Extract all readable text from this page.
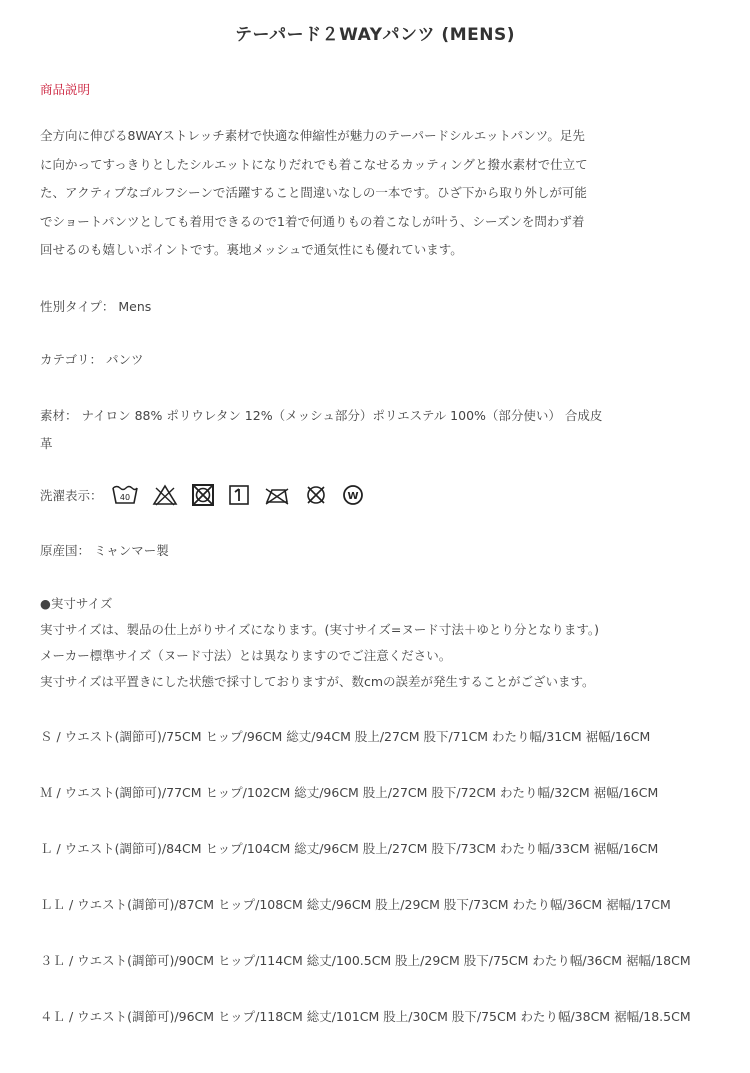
テーパード２WAYパンツ (MENS)
商品説明
全方向に伸びる8WAYストレッチ素材で快適な伸縮性が魅力のテーパードシルエットパンツ。足先
に向かってすっきりとしたシルエットになりだれでも着こなせるカッティングと撥水素材で仕立て
た、アクティブなゴルフシーンで活躍すること間違いなしの一本です。ひざ下から取り外しが可能
でショートパンツとしても着用できるので1着で何通りもの着こなしが叶う、シーズンを問わず着
回せるのも嬉しいポイントです。裏地メッシュで通気性にも優れています。
性別タイプ： Mens
カテゴリ： パンツ
素材： ナイロン 88% ポリウレタン 12%（メッシュ部分）ポリエステル 100%（部分使い） 合成皮
革
洗濯表示： 40	W
原産国： ミャンマー製
●実寸サイズ
実寸サイズは、製品の仕上がりサイズになります。(実寸サイズ=ヌード寸法＋ゆとり分となります。)
メーカー標準サイズ（ヌード寸法）とは異なりますのでご注意ください。
実寸サイズは平置きにした状態で採寸しておりますが、数cmの誤差が発生することがございます。
Ｓ / ウエスト(調節可)/75CM ヒップ/96CM 総丈/94CM 股上/27CM 股下/71CM わたり幅/31CM 裾幅/16CM
Ｍ / ウエスト(調節可)/77CM ヒップ/102CM 総丈/96CM 股上/27CM 股下/72CM わたり幅/32CM 裾幅/16CM
Ｌ / ウエスト(調節可)/84CM ヒップ/104CM 総丈/96CM 股上/27CM 股下/73CM わたり幅/33CM 裾幅/16CM
ＬＬ / ウエスト(調節可)/87CM ヒップ/108CM 総丈/96CM 股上/29CM 股下/73CM わたり幅/36CM 裾幅/17CM
３Ｌ / ウエスト(調節可)/90CM ヒップ/114CM 総丈/100.5CM 股上/29CM 股下/75CM わたり幅/36CM 裾幅/18CM
４Ｌ / ウエスト(調節可)/96CM ヒップ/118CM 総丈/101CM 股上/30CM 股下/75CM わたり幅/38CM 裾幅/18.5CM
